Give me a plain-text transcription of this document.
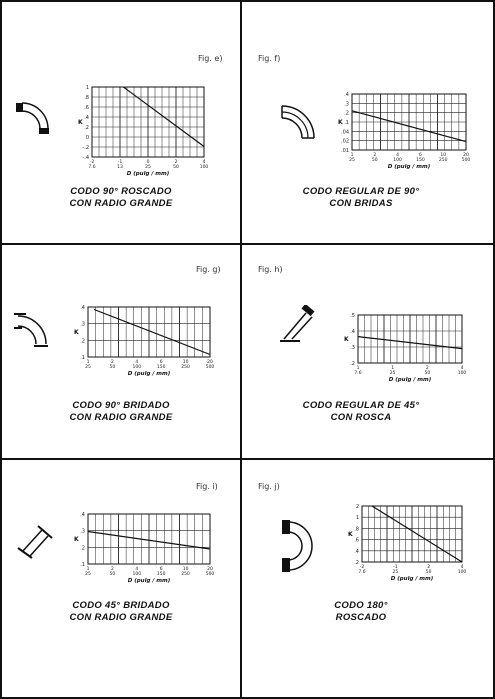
Fig. e)
1
.8
.6
.4
.2
0
-.2
-.4
K
-2	-1	0	2	4
7.6	13	25	50	100
D (pulg / mm)
CODO 90° ROSCADO
CON RADIO GRANDE
Fig. f)
.4
.3
.2
.1
.04
.02
.01
K
1	2	4	6	10	20
25	50	100	150	250	500
D (pulg / mm)
CODO REGULAR DE 90°
CON BRIDAS
Fig. g)
.4
.3
.2
.1
K
1	2	4	6	10	20
25	50	100	150	250	500
D (pulg / mm)
CODO 90° BRIDADO
CON RADIO GRANDE
Fig. h)
.5
.4
.3
.2
K
1	1	2	4
7.6	25	50	100
D (pulg / mm)
CODO REGULAR DE 45°
CON ROSCA
Fig. i)
.4
.3
.2
.1
K
1	2	4	6	10	20
25	50	100	150	250	500
D (pulg / mm)
CODO 45° BRIDADO
CON RADIO GRANDE
Fig. j)
2
1
.8
.6
.4
.2
K
-2	-1	2	4
7.6	25	50	100
D (pulg / mm)
CODO 180°
ROSCADO
